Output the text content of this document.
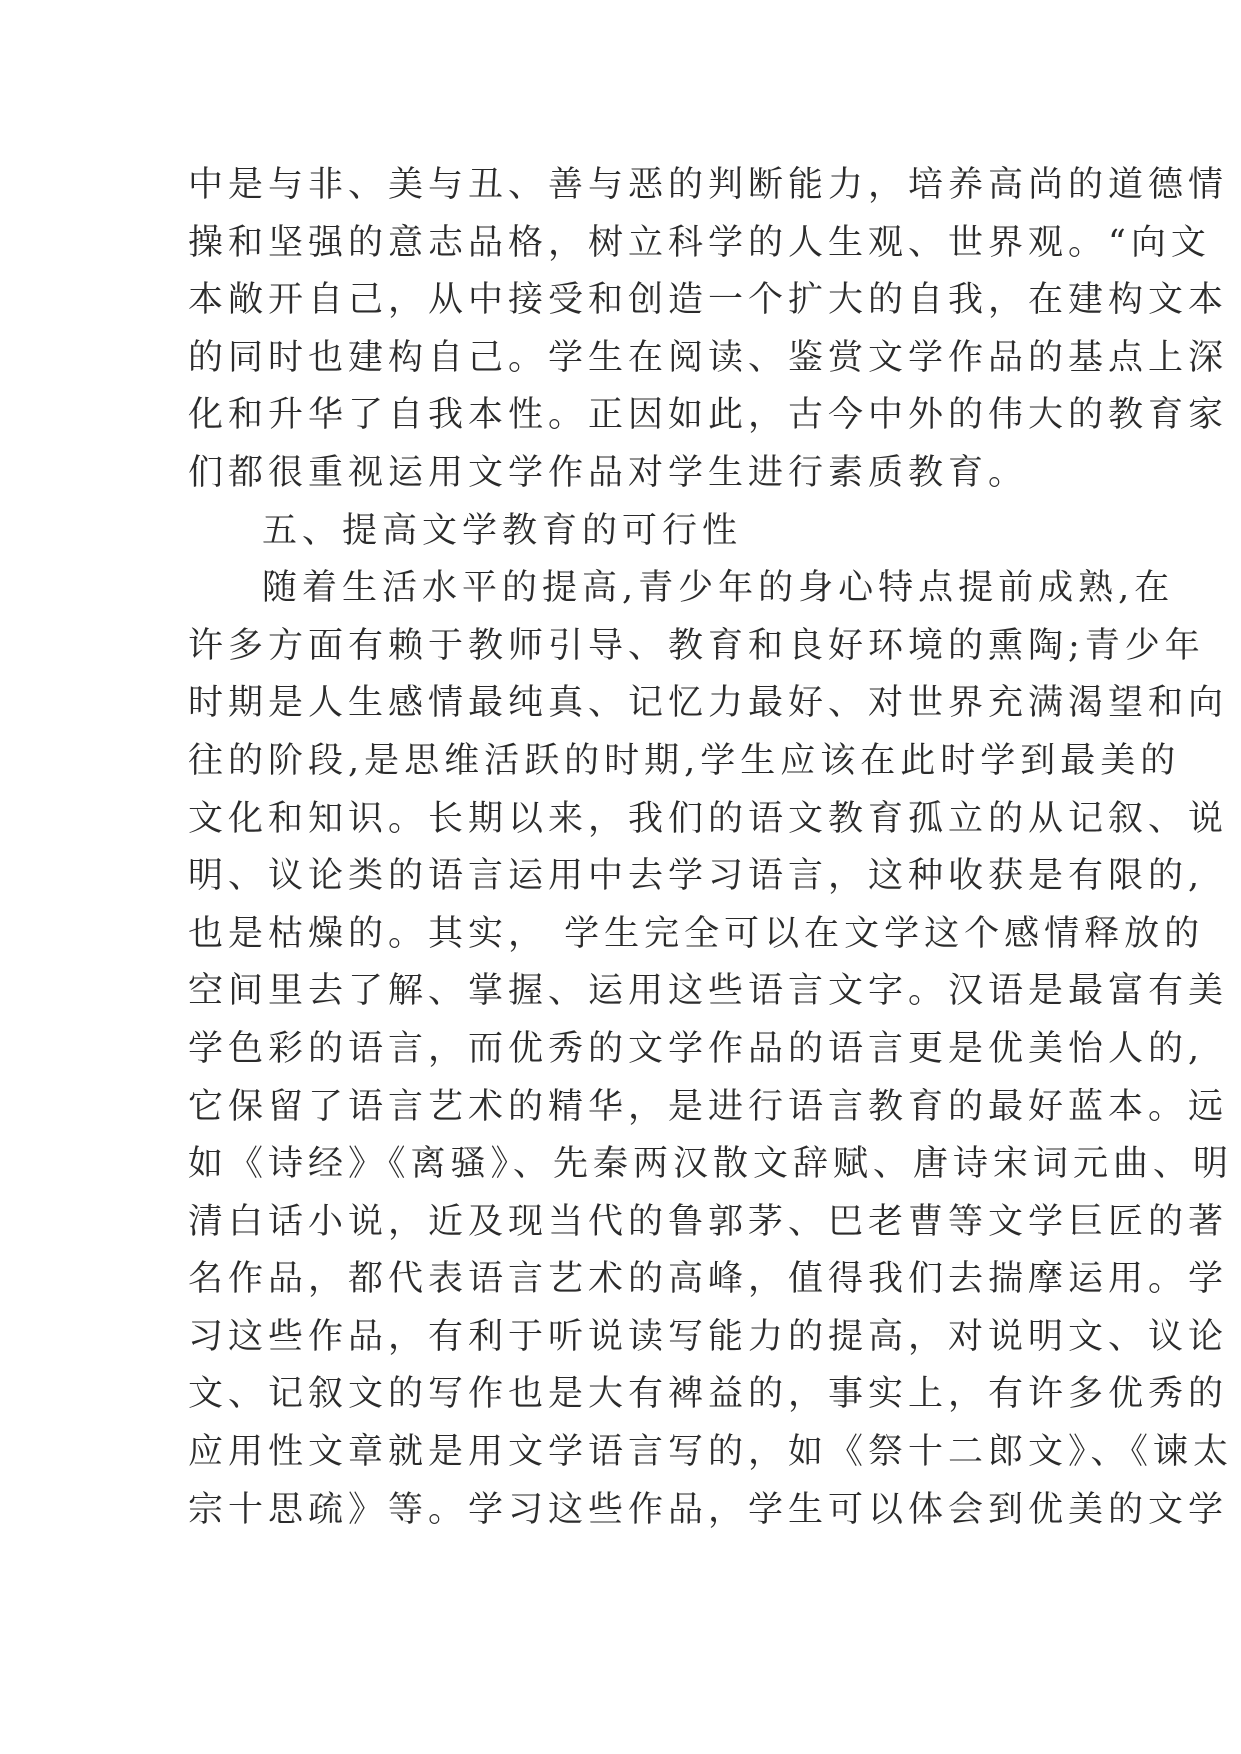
中是与非、美与丑、善与恶的判断能力，培养高尚的道德情
操和坚强的意志品格，树立科学的人生观、世界观。“向文
本敞开自己，从中接受和创造一个扩大的自我，在建构文本
的同时也建构自己。学生在阅读、鉴赏文学作品的基点上深
化和升华了自我本性。正因如此，古今中外的伟大的教育家
们都很重视运用文学作品对学生进行素质教育。
五、提高文学教育的可行性
随着生活水平的提高,青少年的身心特点提前成熟,在
许多方面有赖于教师引导、教育和良好环境的熏陶;青少年
时期是人生感情最纯真、记忆力最好、对世界充满渴望和向
往的阶段,是思维活跃的时期,学生应该在此时学到最美的
文化和知识。长期以来，我们的语文教育孤立的从记叙、说
明、议论类的语言运用中去学习语言，这种收获是有限的,
也是枯燥的。其实， 学生完全可以在文学这个感情释放的
空间里去了解、掌握、运用这些语言文字。汉语是最富有美
学色彩的语言，而优秀的文学作品的语言更是优美怡人的,
它保留了语言艺术的精华，是进行语言教育的最好蓝本。远
如《诗经》《离骚》、先秦两汉散文辞赋、唐诗宋词元曲、明
清白话小说，近及现当代的鲁郭茅、巴老曹等文学巨匠的著
名作品，都代表语言艺术的高峰，值得我们去揣摩运用。学
习这些作品，有利于听说读写能力的提高，对说明文、议论
文、记叙文的写作也是大有裨益的，事实上，有许多优秀的
应用性文章就是用文学语言写的，如《祭十二郎文》、《谏太
宗十思疏》等。学习这些作品，学生可以体会到优美的文学
